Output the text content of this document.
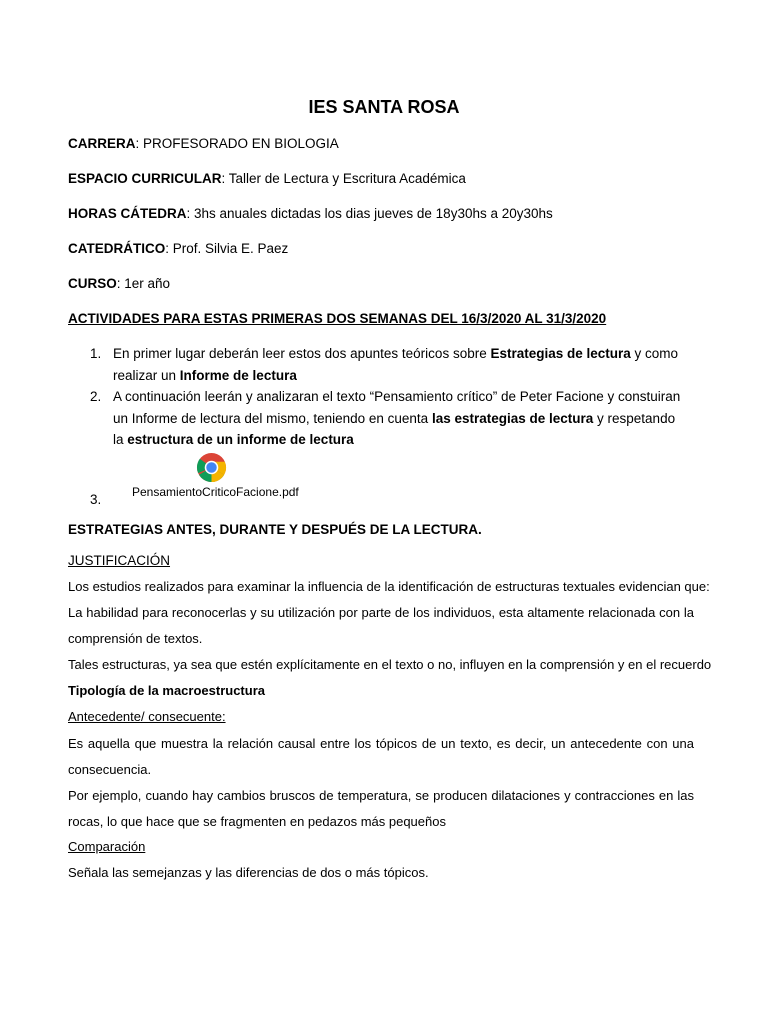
IES SANTA ROSA
CARRERA: PROFESORADO EN BIOLOGIA
ESPACIO CURRICULAR: Taller de Lectura y Escritura Académica
HORAS CÁTEDRA: 3hs anuales dictadas los dias jueves de 18y30hs a 20y30hs
CATEDRÁTICO: Prof. Silvia E. Paez
CURSO: 1er año
ACTIVIDADES PARA ESTAS PRIMERAS DOS SEMANAS DEL 16/3/2020 AL 31/3/2020
1. En primer lugar deberán leer estos dos apuntes teóricos sobre Estrategias de lectura y como realizar un Informe de lectura
2. A continuación leerán y analizaran el texto “Pensamiento crítico” de Peter Facione y constuiran un Informe de lectura del mismo, teniendo en cuenta las estrategias de lectura y respetando la estructura de un informe de lectura
PensamientoCriticoFacione.pdf
3.
ESTRATEGIAS ANTES, DURANTE Y DESPUÉS DE LA LECTURA.
JUSTIFICACIÓN
Los estudios realizados para examinar la influencia de la identificación de estructuras textuales evidencian que:
La habilidad para reconocerlas y su utilización por parte de los individuos, esta altamente relacionada con la comprensión de textos.
Tales estructuras, ya sea que estén explícitamente en el texto o no, influyen en la comprensión y en el recuerdo
Tipología de la macroestructura
Antecedente/ consecuente:
Es aquella que muestra la relación causal entre los tópicos de un texto, es decir, un antecedente con una consecuencia.
Por ejemplo, cuando hay cambios bruscos de temperatura, se producen dilataciones y contracciones en las rocas, lo que hace que se fragmenten en pedazos más pequeños
Comparación
Señala las semejanzas y las diferencias de dos o más tópicos.
